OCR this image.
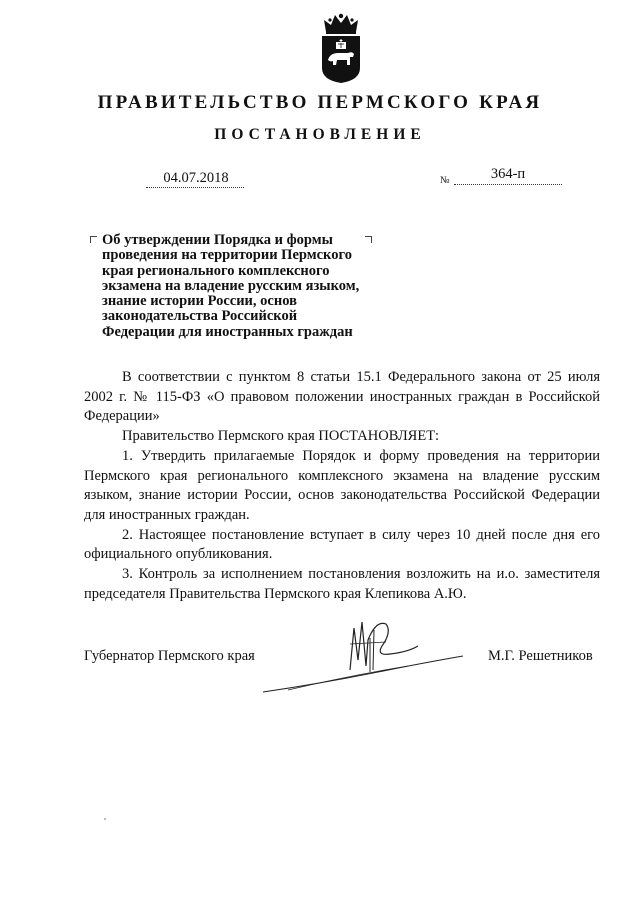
ПРАВИТЕЛЬСТВО ПЕРМСКОГО КРАЯ
ПОСТАНОВЛЕНИЕ
04.07.2018	№	364-п
Об утверждении Порядка и формы
проведения на территории Пермского
края регионального комплексного
экзамена на владение русским языком,
знание истории России, основ
законодательства Российской
Федерации для иностранных граждан

В соответствии с пунктом 8 статьи 15.1 Федерального закона от 25 июля 2002 г. № 115-ФЗ «О правовом положении иностранных граждан в Российской Федерации»

Правительство Пермского края ПОСТАНОВЛЯЕТ:

1. Утвердить прилагаемые Порядок и форму проведения на территории Пермского края регионального комплексного экзамена на владение русским языком, знание истории России, основ законодательства Российской Федерации для иностранных граждан.

2. Настоящее постановление вступает в силу через 10 дней после дня его официального опубликования.

3. Контроль за исполнением постановления возложить на и.о. заместителя председателя Правительства Пермского края Клепикова А.Ю.

Губернатор Пермского края	М.Г. Решетников
